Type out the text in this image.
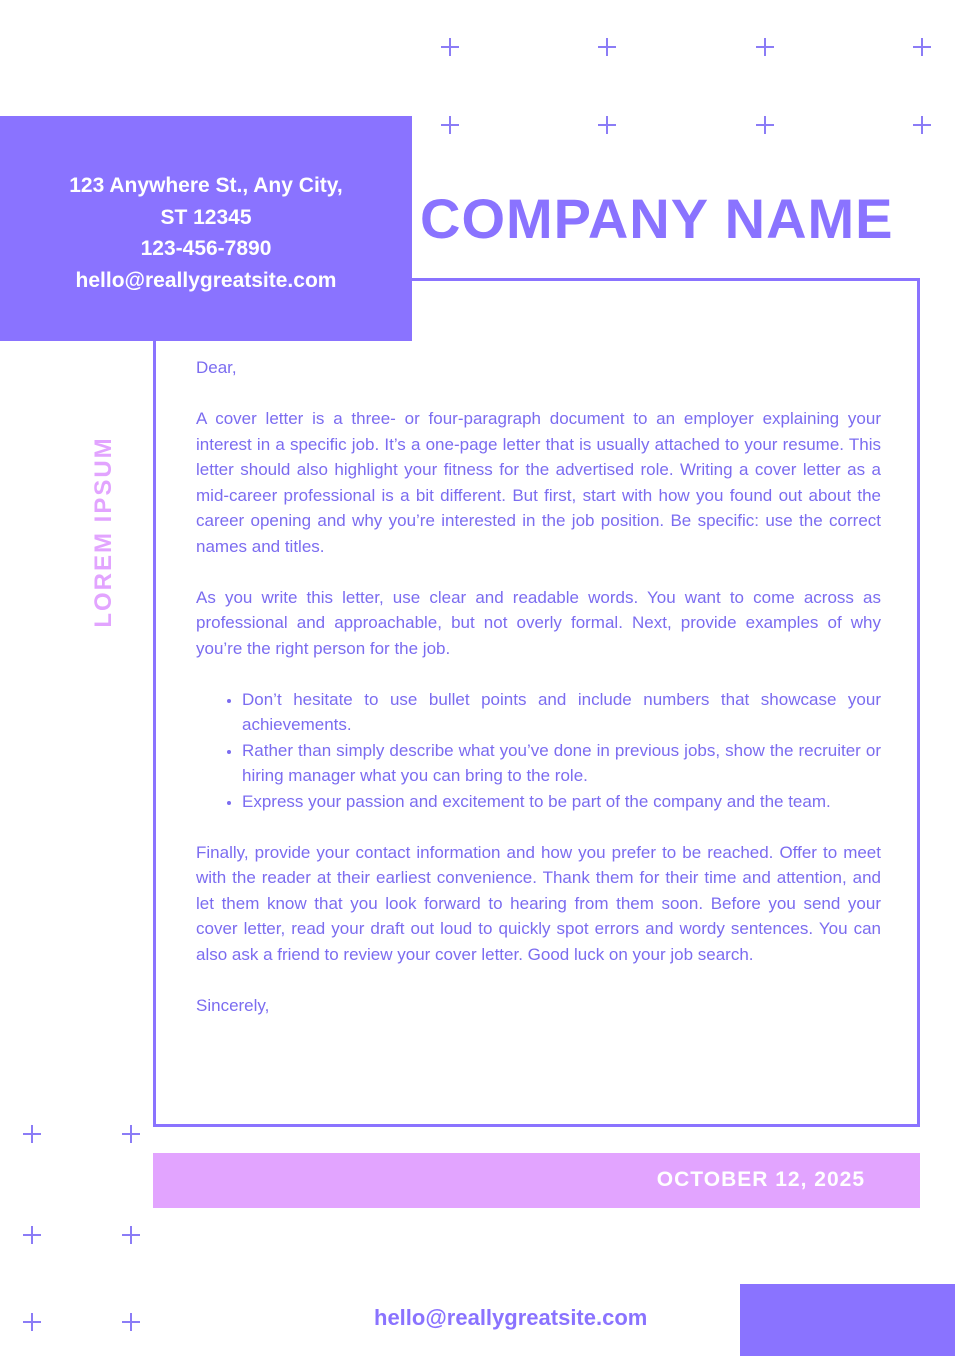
123 Anywhere St., Any City,
ST 12345
123-456-7890
hello@reallygreatsite.com
COMPANY NAME
LOREM IPSUM

Dear,

A cover letter is a three- or four-paragraph document to an employer explaining your interest in a specific job. It’s a one-page letter that is usually attached to your resume. This letter should also highlight your fitness for the advertised role. Writing a cover letter as a mid-career professional is a bit different. But first, start with how you found out about the career opening and why you’re interested in the job position. Be specific: use the correct names and titles.

As you write this letter, use clear and readable words. You want to come across as professional and approachable, but not overly formal. Next, provide examples of why you’re the right person for the job.

• Don’t hesitate to use bullet points and include numbers that showcase your achievements.
• Rather than simply describe what you’ve done in previous jobs, show the recruiter or hiring manager what you can bring to the role.
• Express your passion and excitement to be part of the company and the team.

Finally, provide your contact information and how you prefer to be reached. Offer to meet with the reader at their earliest convenience. Thank them for their time and attention, and let them know that you look forward to hearing from them soon. Before you send your cover letter, read your draft out loud to quickly spot errors and wordy sentences. You can also ask a friend to review your cover letter. Good luck on your job search.

Sincerely,

OCTOBER 12, 2025
hello@reallygreatsite.com
